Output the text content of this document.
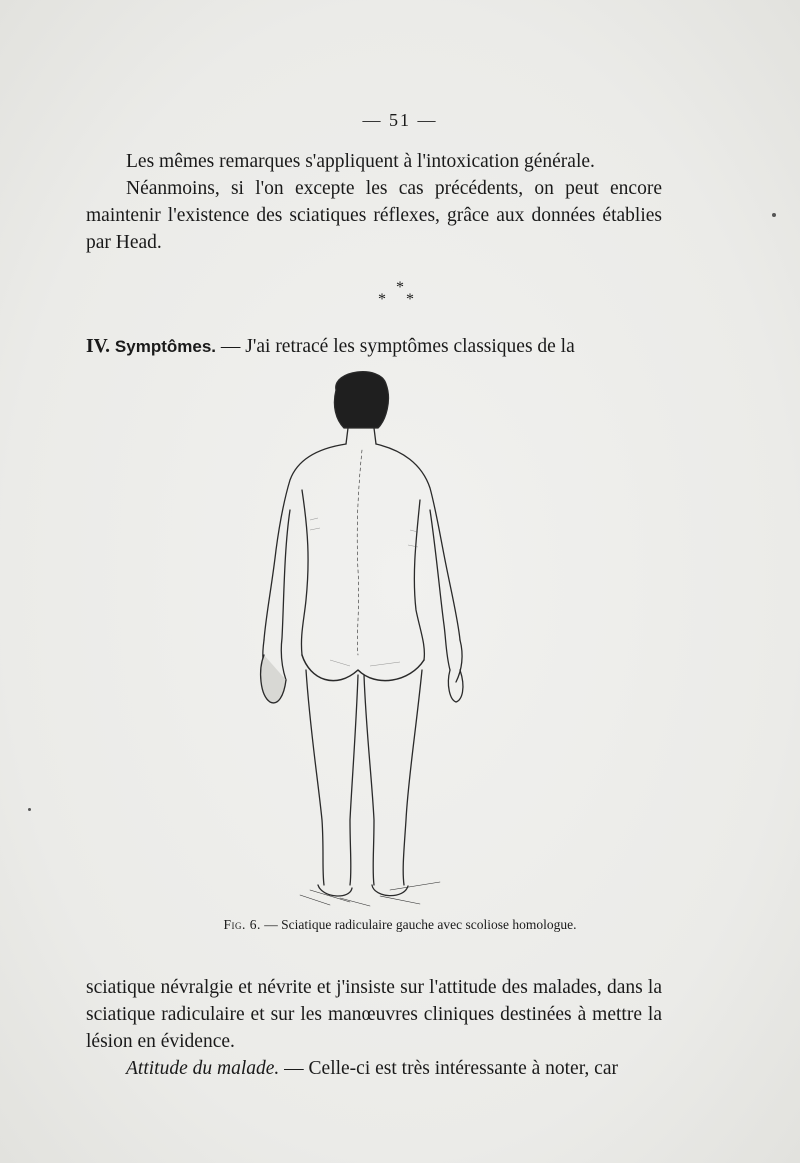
— 51 —

Les mêmes remarques s'appliquent à l'intoxication générale.

Néanmoins, si l'on excepte les cas précédents, on peut encore maintenir l'existence des sciatiques réflexes, grâce aux données établies par Head.

*
* *

IV. Symptômes. — J'ai retracé les symptômes classiques de la

Fig. 6. — Sciatique radiculaire gauche avec scoliose homologue.

sciatique névralgie et névrite et j'insiste sur l'attitude des malades, dans la sciatique radiculaire et sur les manœuvres cliniques destinées à mettre la lésion en évidence.

Attitude du malade. — Celle-ci est très intéressante à noter, car
